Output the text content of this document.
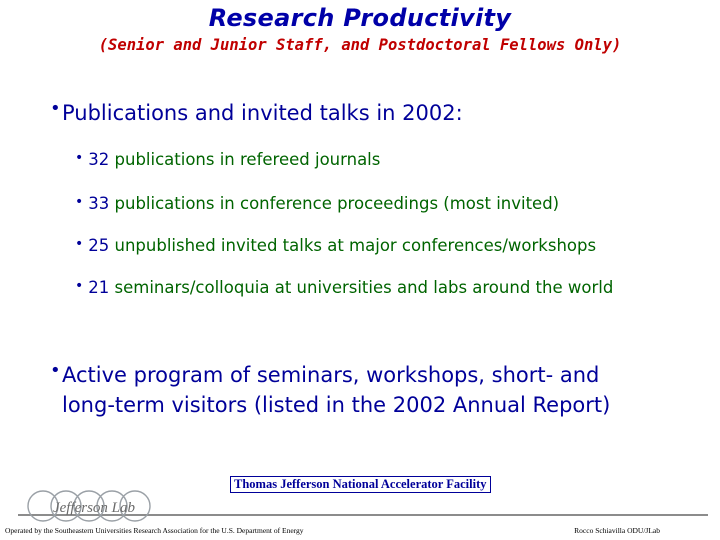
Research Productivity
(Senior and Junior Staff, and Postdoctoral Fellows Only)
• Publications and invited talks in 2002:
• 32 publications in refereed journals
• 33 publications in conference proceedings (most invited)
• 25 unpublished invited talks at major conferences/workshops
• 21 seminars/colloquia at universities and labs around the world
• Active program of seminars, workshops, short- and
long-term visitors (listed in the 2002 Annual Report)
Jefferson Lab
Thomas Jefferson National Accelerator Facility
Operated by the Southeastern Universities Research Association for the U.S. Department of Energy	Rocco Schiavilla ODU/JLab
